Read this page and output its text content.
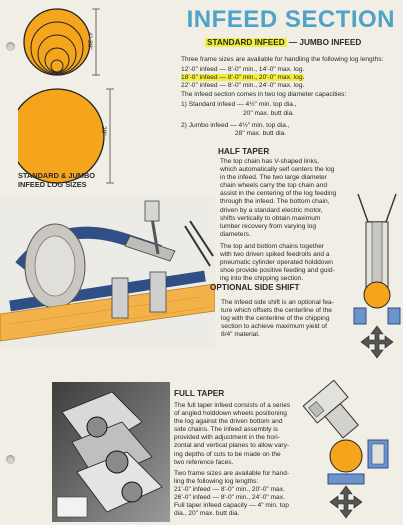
INFEED SECTION
STANDARD INFEED — JUMBO INFEED
Three frame sizes are available for handling the following log lengths:
12'-0" infeed — 8'-0" min., 14'-0" max. log.
18'-0" infeed — 8'-0" min., 20'-0" max. log.
22'-0" infeed — 8'-0" min., 24'-0" max. log.
The infeed section comes in two log diameter capacities:
1) Standard infeed — 4½" min. top dia.,
20" max. butt dia.
2) Jumbo infeed — 4½" min. top dia.,
28" max. butt dia.
4"-20"
28"
STANDARD & JUMBO
INFEED LOG SIZES
HALF TAPER
The top chain has V-shaped links,
which automatically self centers the log
in the infeed. The two large diameter
chain wheels carry the top chain and
assist in the centering of the log feeding
through the infeed. The bottom chain,
driven by a standard electric motor,
shifts vertically to obtain maximum
lumber recovery from varying log
diameters.
The top and bottom chains together
with two driven spiked feedrolls and a
pneumatic cylinder operated holddown
shoe provide positive feeding and guid-
ing into the chipping section.
OPTIONAL SIDE SHIFT
The infeed side shift is an optional fea-
ture which offsets the centerline of the
log with the centerline of the chipping
section to achieve maximum yield of
8/4" material.
FULL TAPER
The full taper infeed consists of a series
of angled holddown wheels positioning
the log against the driven bottom and
side chains. The infeed assembly is
provided with adjustment in the hori-
zontal and vertical planes to allow vary-
ing depths of cuts to be made on the
two reference faces.
Two frame sizes are available for hand-
ling the following log lengths:
21'-0" infeed — 8'-0" min., 20'-0" max.
26'-0" infeed — 8'-0" min., 24'-0" max.
Full taper infeed capacity — 4" min. top
dia., 20" max. butt dia.
